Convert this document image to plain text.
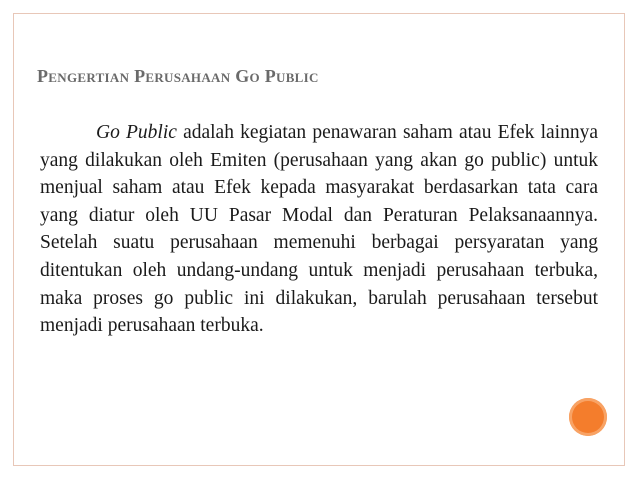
Pengertian Perusahaan Go Public

Go Public adalah kegiatan penawaran saham atau Efek lainnya yang dilakukan oleh Emiten (perusahaan yang akan go public) untuk menjual saham atau Efek kepada masyarakat berdasarkan tata cara yang diatur oleh UU Pasar Modal dan Peraturan Pelaksanaannya. Setelah suatu perusahaan memenuhi berbagai persyaratan yang ditentukan oleh undang-undang untuk menjadi perusahaan terbuka, maka proses go public ini dilakukan, barulah perusahaan tersebut menjadi perusahaan terbuka.
